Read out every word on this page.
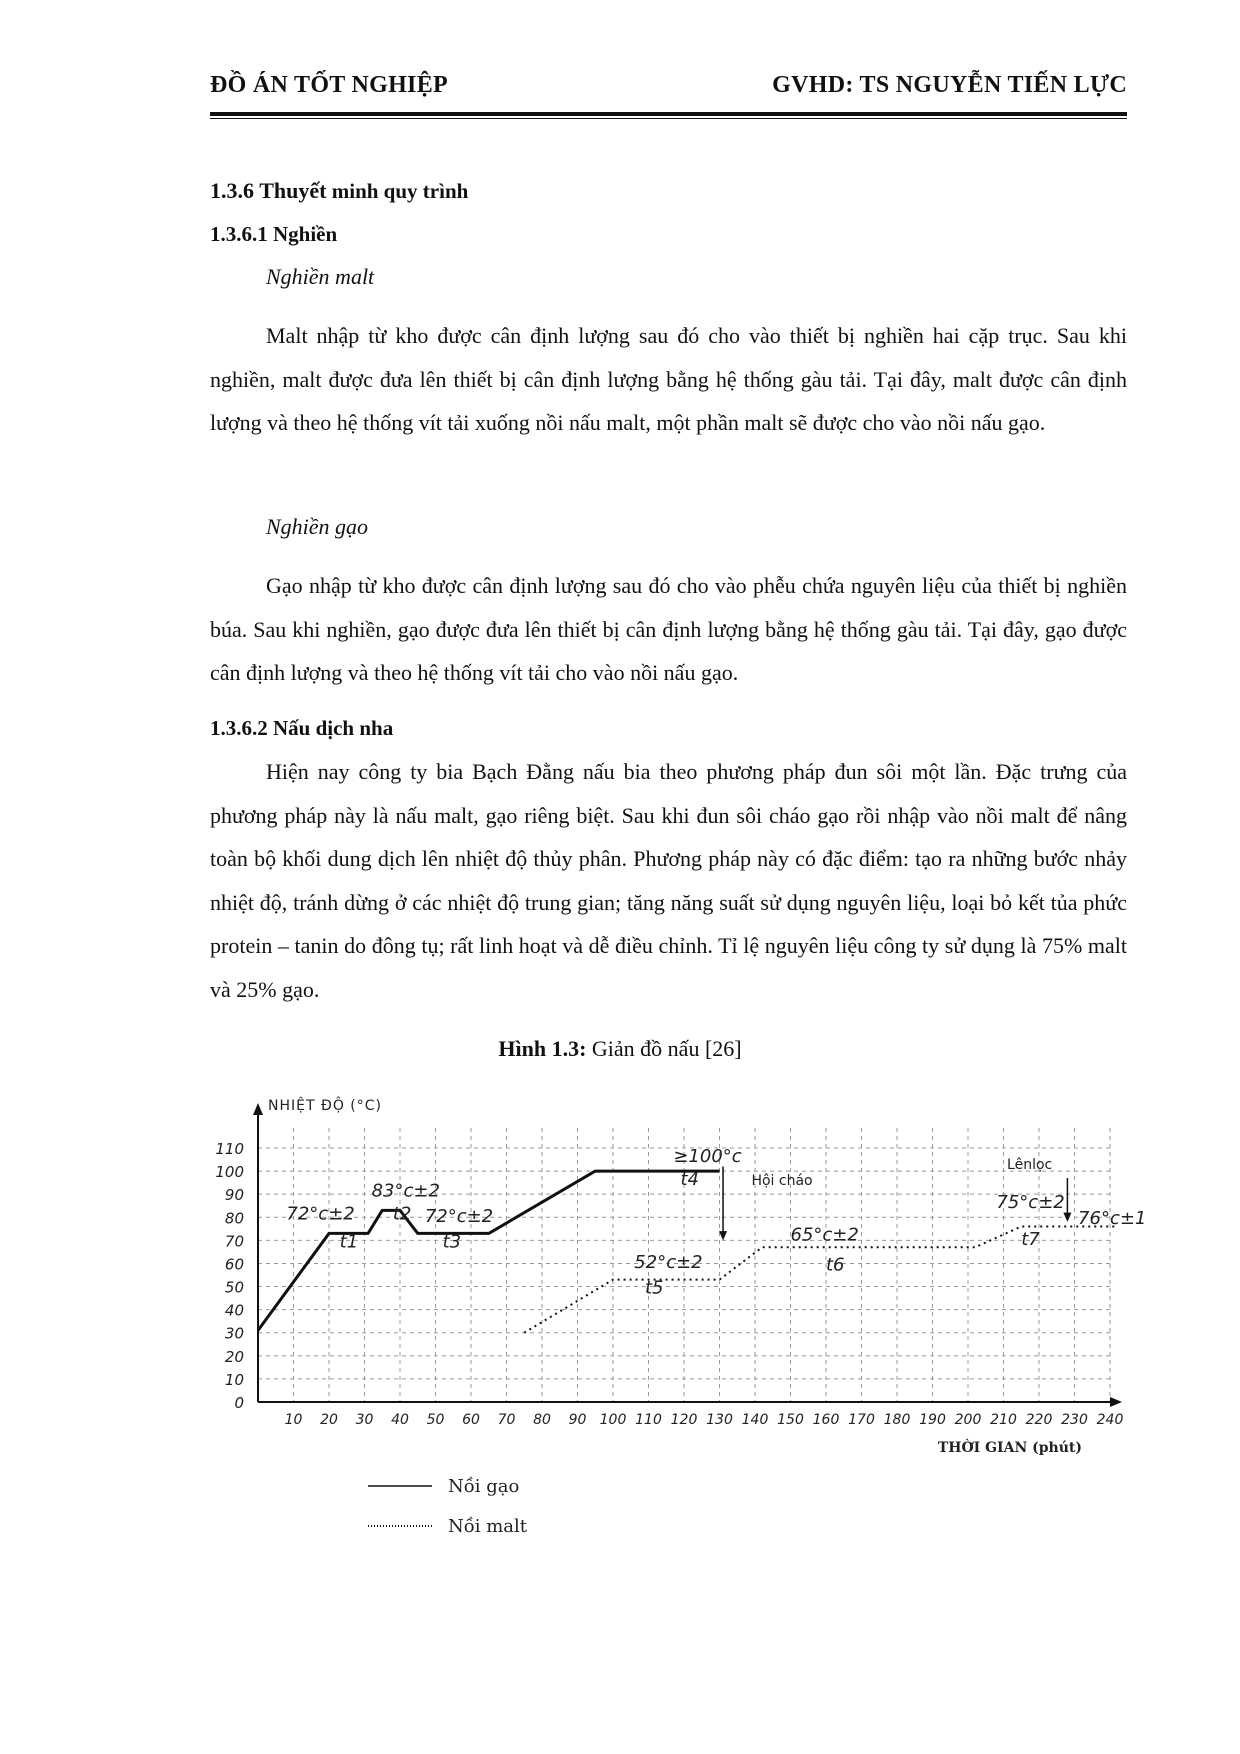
ĐỒ ÁN TỐT NGHIỆP	GVHD: TS NGUYỄN TIẾN LỰC
1.3.6 Thuyết minh quy trình
1.3.6.1 Nghiền
Nghiền malt

Malt nhập từ kho được cân định lượng sau đó cho vào thiết bị nghiền hai cặp trục. Sau khi nghiền, malt được đưa lên thiết bị cân định lượng bằng hệ thống gàu tải. Tại đây, malt được cân định lượng và theo hệ thống vít tải xuống nồi nấu malt, một phần malt sẽ được cho vào nồi nấu gạo.

Nghiền gạo

Gạo nhập từ kho được cân định lượng sau đó cho vào phễu chứa nguyên liệu của thiết bị nghiền búa. Sau khi nghiền, gạo được đưa lên thiết bị cân định lượng bằng hệ thống gàu tải. Tại đây, gạo được cân định lượng và theo hệ thống vít tải cho vào nồi nấu gạo.

1.3.6.2 Nấu dịch nha

Hiện nay công ty bia Bạch Đằng nấu bia theo phương pháp đun sôi một lần. Đặc trưng của phương pháp này là nấu malt, gạo riêng biệt. Sau khi đun sôi cháo gạo rồi nhập vào nồi malt để nâng toàn bộ khối dung dịch lên nhiệt độ thủy phân. Phương pháp này có đặc điểm: tạo ra những bước nhảy nhiệt độ, tránh dừng ở các nhiệt độ trung gian; tăng năng suất sử dụng nguyên liệu, loại bỏ kết tủa phức protein – tanin do đông tụ; rất linh hoạt và dễ điều chỉnh. Tỉ lệ nguyên liệu công ty sử dụng là 75% malt và 25% gạo.

Hình 1.3: Giản đồ nấu [26]
0
10
20
30
40
50
60
70
80
90
100
110
10 20 30 40 50 60 70 80 90 100 110 120 130 140 150 160 170 180 190 200 210 220 230 240
NHIỆT ĐỘ (°C)
THỜI GIAN (phút)
72°c±2
t1
83°c±2
t2 72°c±2
t3
≥100°c
t4	Hội cháo
52°c±2
t5
65°c±2
t6
Lênlọc
75°c±2
t7
76°c±1
Nồi gạo
Nồi malt
